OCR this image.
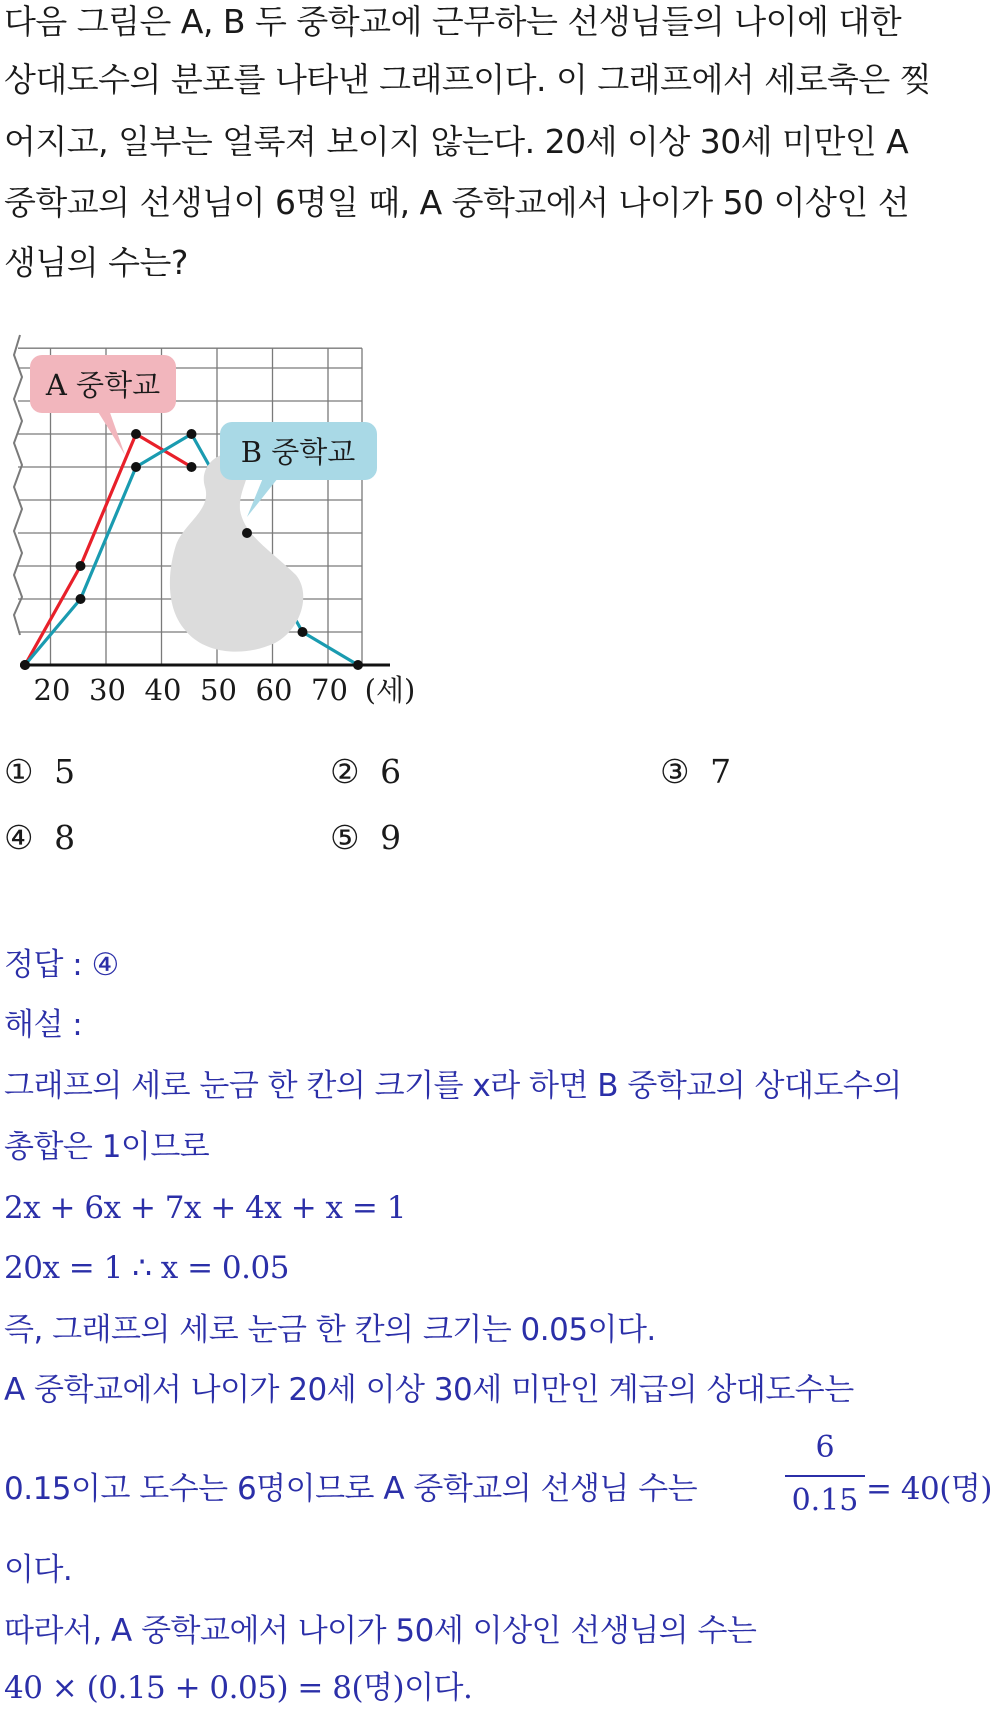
다음 그림은 A, B 두 중학교에 근무하는 선생님들의 나이에 대한
상대도수의 분포를 나타낸 그래프이다. 이 그래프에서 세로축은 찢
어지고, 일부는 얼룩져 보이지 않는다. 20세 이상 30세 미만인 A
중학교의 선생님이 6명일 때, A 중학교에서 나이가 50 이상인 선
생님의 수는?
A 중학교
B 중학교
20 30 40 50 60 70 (세)
① 5	② 6	③ 7
④ 8	⑤ 9
정답 : ④
해설 :
그래프의 세로 눈금 한 칸의 크기를 x라 하면 B 중학교의 상대도수의
총합은 1이므로
2x + 6x + 7x + 4x + x = 1
20x = 1 ∴ x = 0.05
즉, 그래프의 세로 눈금 한 칸의 크기는 0.05이다.
A 중학교에서 나이가 20세 이상 30세 미만인 계급의 상대도수는
0.15이고 도수는 6명이므로 A 중학교의 선생님 수는
6
0.15 = 40(명)
이다.
따라서, A 중학교에서 나이가 50세 이상인 선생님의 수는
40 × (0.15 + 0.05) = 8(명)이다.
